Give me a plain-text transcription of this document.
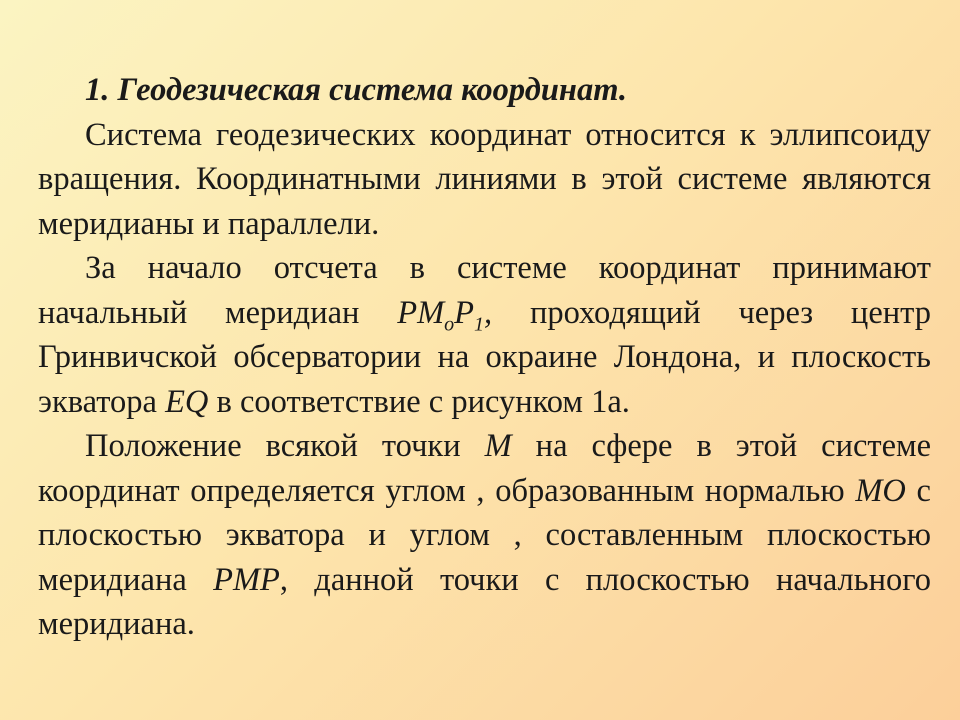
1. Геодезическая система координат.

Система геодезических координат относится к эллипсоиду вращения. Координатными линиями в этой системе являются меридианы и параллели.

За начало отсчета в системе координат принимают начальный меридиан $PM_oP_1$, проходящий через центр Гринвичской обсерватории на окраине Лондона, и плоскость экватора EQ в соответствие с рисунком 1а.

Положение всякой точки M на сфере в этой системе координат определяется углом , образованным нормалью MO с плоскостью экватора и углом , составленным плоскостью меридиана PMP, данной точки с плоскостью начального меридиана.
